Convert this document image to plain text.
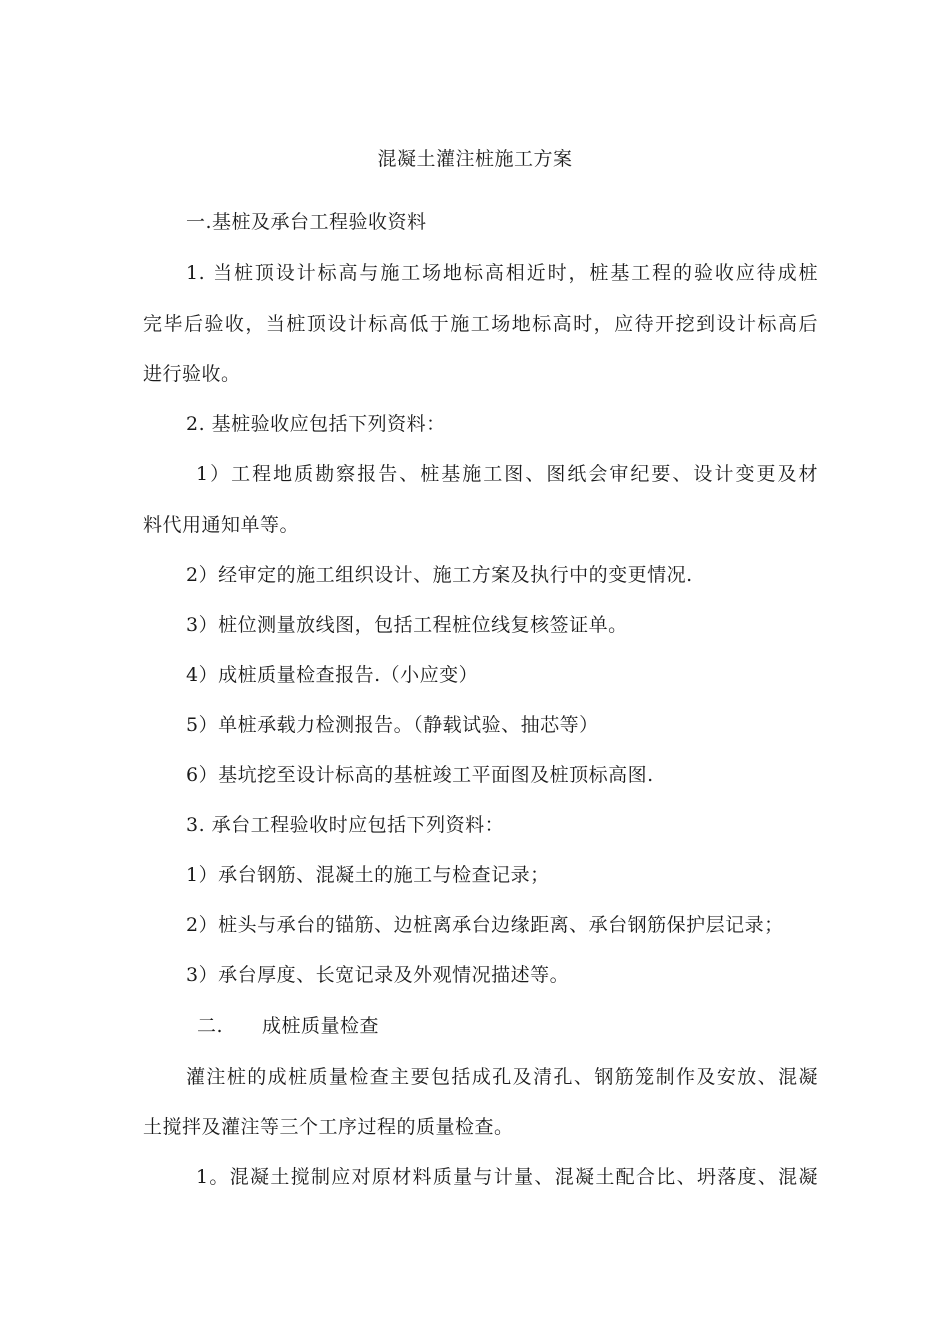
混凝土灌注桩施工方案
一.基桩及承台工程验收资料
1. 当桩顶设计标高与施工场地标高相近时，桩基工程的验收应待成桩
完毕后验收，当桩顶设计标高低于施工场地标高时，应待开挖到设计标高后
进行验收。
2. 基桩验收应包括下列资料：
1）工程地质勘察报告、桩基施工图、图纸会审纪要、设计变更及材
料代用通知单等。
2）经审定的施工组织设计、施工方案及执行中的变更情况.
3）桩位测量放线图，包括工程桩位线复核签证单。
4）成桩质量检查报告.（小应变）
5）单桩承载力检测报告。（静载试验、抽芯等）
6）基坑挖至设计标高的基桩竣工平面图及桩顶标高图.
3. 承台工程验收时应包括下列资料：
1）承台钢筋、混凝土的施工与检查记录；
2）桩头与承台的锚筋、边桩离承台边缘距离、承台钢筋保护层记录；
3）承台厚度、长宽记录及外观情况描述等。
二.　　成桩质量检查
灌注桩的成桩质量检查主要包括成孔及清孔、钢筋笼制作及安放、混凝
土搅拌及灌注等三个工序过程的质量检查。
1。混凝土搅制应对原材料质量与计量、混凝土配合比、坍落度、混凝
